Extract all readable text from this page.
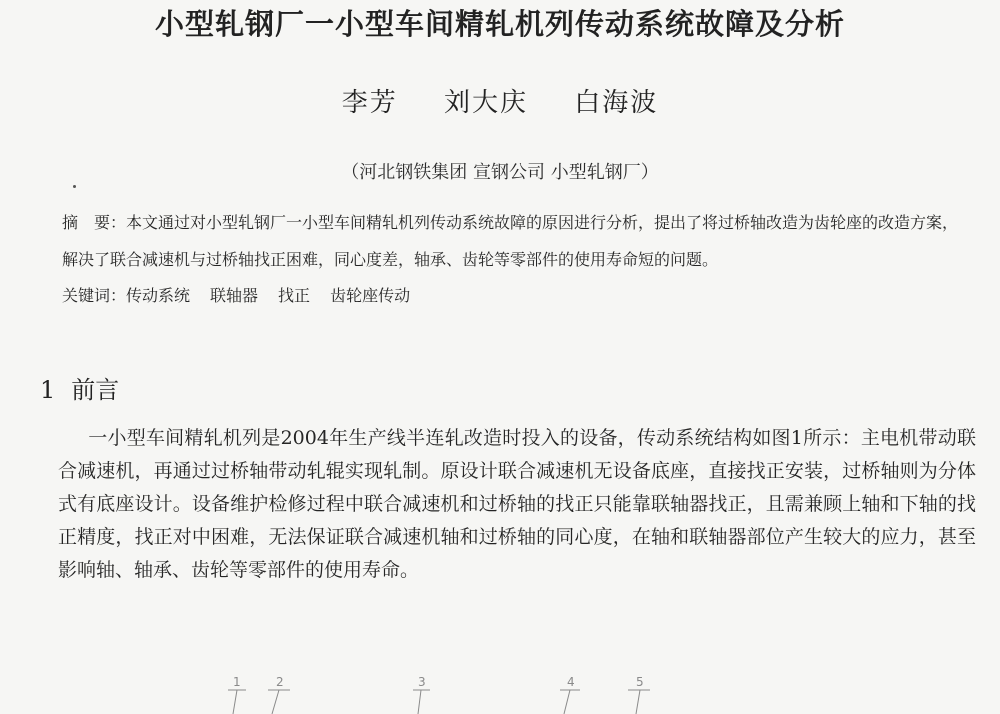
小型轧钢厂一小型车间精轧机列传动系统故障及分析
李芳 刘大庆 白海波
（河北钢铁集团 宣钢公司 小型轧钢厂）
摘　要：本文通过对小型轧钢厂一小型车间精轧机列传动系统故障的原因进行分析，提出了将过桥轴改造为齿轮座的改造方案，解决了联合减速机与过桥轴找正困难，同心度差，轴承、齿轮等零部件的使用寿命短的问题。
关键词：传动系统 联轴器 找正 齿轮座传动
1 前言
一小型车间精轧机列是2004年生产线半连轧改造时投入的设备，传动系统结构如图1所示：主电机带动联合减速机，再通过过桥轴带动轧辊实现轧制。原设计联合减速机无设备底座，直接找正安装，过桥轴则为分体式有底座设计。设备维护检修过程中联合减速机和过桥轴的找正只能靠联轴器找正，且需兼顾上轴和下轴的找正精度，找正对中困难，无法保证联合减速机轴和过桥轴的同心度，在轴和联轴器部位产生较大的应力，甚至影响轴、轴承、齿轮等零部件的使用寿命。
1	2	3	4	5
